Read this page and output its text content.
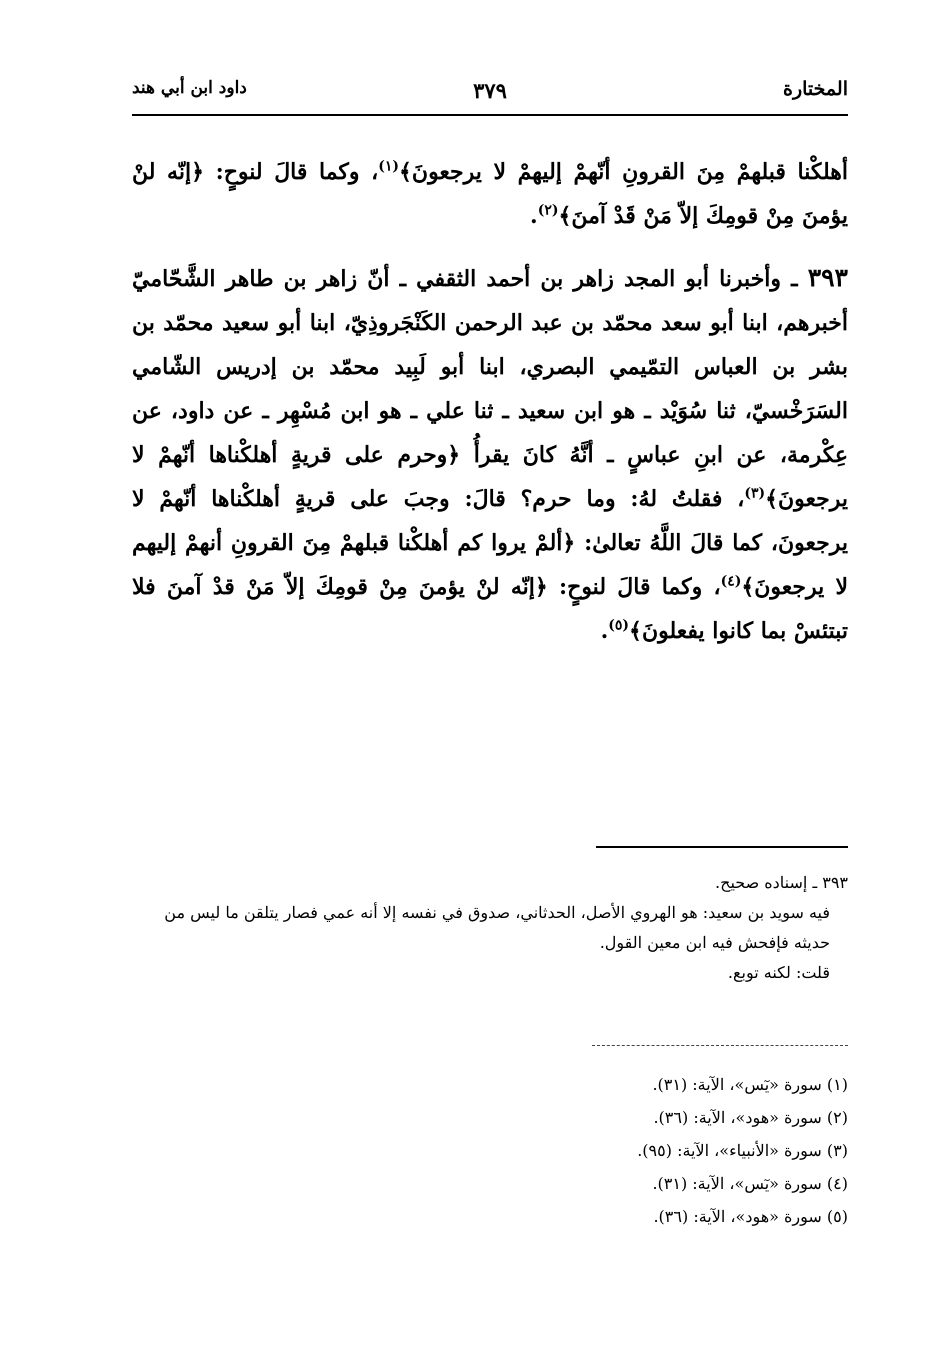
المختارة
٣٧٩
داود ابن أبي هند

أهلكْنا قبلهمْ مِنَ القرونِ أنّهمْ إليهمْ لا يرجعونَ﴾$^{(١)}$، وكما قالَ لنوحٍ: ﴿إنّه لنْ يؤمنَ مِنْ قومِكَ إلاّ مَنْ قَدْ آمنَ﴾$^{(٢)}$.

٣٩٣ ـ وأخبرنا أبو المجد زاهر بن أحمد الثقفي ـ أنّ زاهر بن طاهر الشَّحّاميّ أخبرهم، ابنا أبو سعد محمّد بن عبد الرحمن الكَنْجَروذِيّ، ابنا أبو سعيد محمّد بن بشر بن العباس التمّيمي البصري، ابنا أبو لَبِيد محمّد بن إدريس الشّامي السَرَخْسيّ، ثنا سُوَيْد ـ هو ابن سعيد ـ ثنا علي ـ هو ابن مُسْهِر ـ عن داود، عن عِكْرمة، عن ابنِ عباسٍ ـ أنَّهُ كانَ يقرأُ ﴿وحرم على قريةٍ أهلكْناها أنّهمْ لا يرجعونَ﴾$^{(٣)}$، فقلتُ لهُ: وما حرم؟ قالَ: وجبَ على قريةٍ أهلكْناها أنّهمْ لا يرجعونَ، كما قالَ اللَّهُ تعالىٰ: ﴿ألمْ يروا كم أهلكْنا قبلهمْ مِنَ القرونِ أنهمْ إليهم لا يرجعونَ﴾$^{(٤)}$، وكما قالَ لنوحٍ: ﴿إنّه لنْ يؤمنَ مِنْ قومِكَ إلاّ مَنْ قدْ آمنَ فلا تبتئسْ بما كانوا يفعلونَ﴾$^{(٥)}$.

٣٩٣ ـ إسناده صحيح.

فيه سويد بن سعيد: هو الهروي الأصل، الحدثاني، صدوق في نفسه إلا أنه عمي فصار يتلقن ما ليس من حديثه فإفحش فيه ابن معين القول.

قلت: لكنه توبع.

(١) سورة «يٓس»، الآية: (٣١).
(٢) سورة «هود»، الآية: (٣٦).
(٣) سورة «الأنبياء»، الآية: (٩٥).
(٤) سورة «يٓس»، الآية: (٣١).
(٥) سورة «هود»، الآية: (٣٦).
